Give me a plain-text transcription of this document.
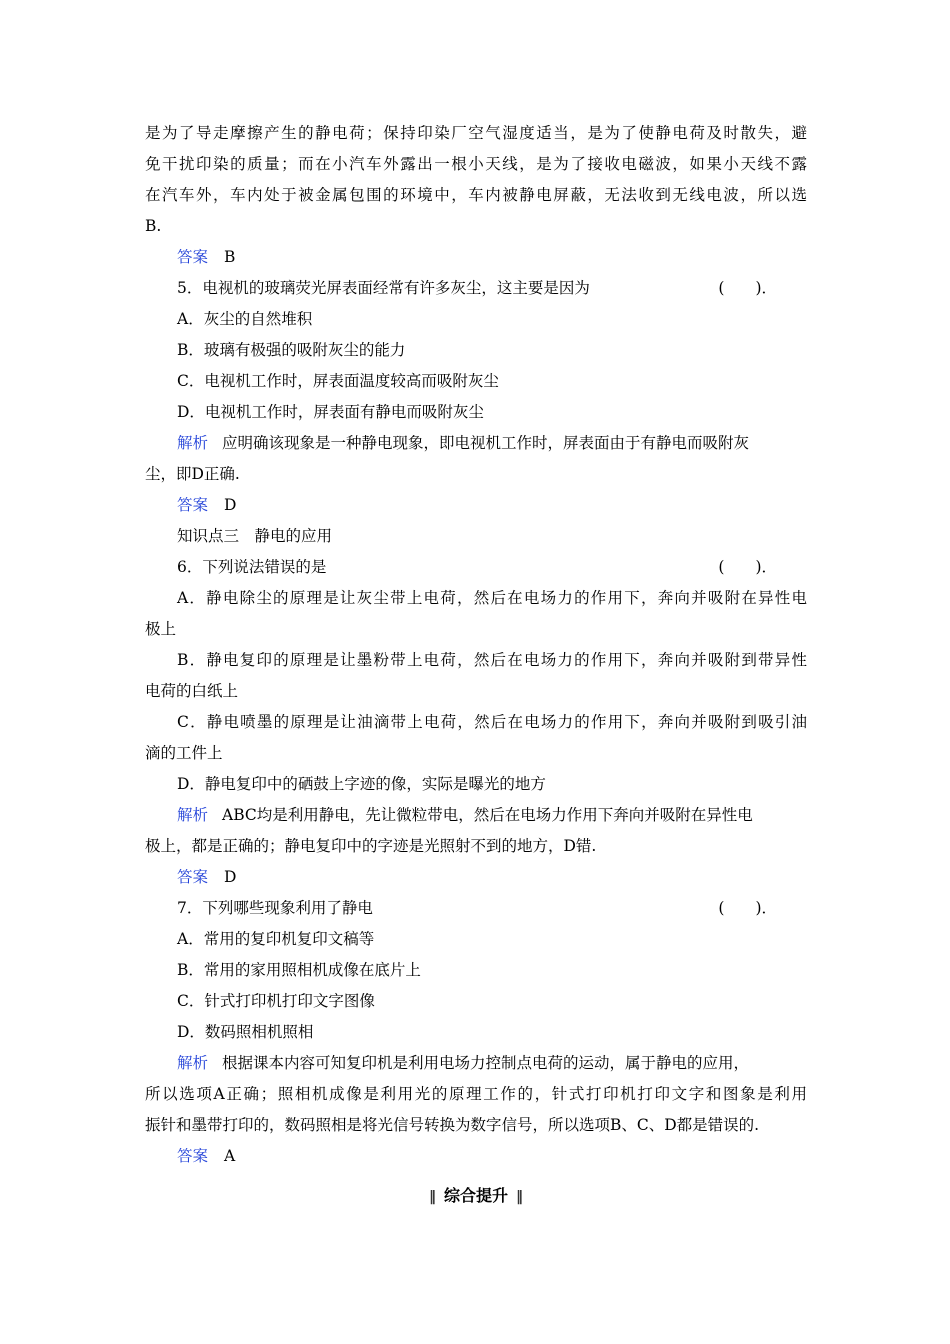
是为了导走摩擦产生的静电荷；保持印染厂空气湿度适当，是为了使静电荷及时散失，避
免干扰印染的质量；而在小汽车外露出一根小天线，是为了接收电磁波，如果小天线不露
在汽车外，车内处于被金属包围的环境中，车内被静电屏蔽，无法收到无线电波，所以选
B.
答案 B
5．电视机的玻璃荧光屏表面经常有许多灰尘，这主要是因为	(　　)．
A．灰尘的自然堆积
B．玻璃有极强的吸附灰尘的能力
C．电视机工作时，屏表面温度较高而吸附灰尘
D．电视机工作时，屏表面有静电而吸附灰尘
解析 应明确该现象是一种静电现象，即电视机工作时，屏表面由于有静电而吸附灰
尘，即D正确.
答案 D
知识点三　静电的应用
6．下列说法错误的是	(　　)．
A．静电除尘的原理是让灰尘带上电荷，然后在电场力的作用下，奔向并吸附在异性电
极上
B．静电复印的原理是让墨粉带上电荷，然后在电场力的作用下，奔向并吸附到带异性
电荷的白纸上
C．静电喷墨的原理是让油滴带上电荷，然后在电场力的作用下，奔向并吸附到吸引油
滴的工件上
D．静电复印中的硒鼓上字迹的像，实际是曝光的地方
解析 ABC均是利用静电，先让微粒带电，然后在电场力作用下奔向并吸附在异性电
极上，都是正确的；静电复印中的字迹是光照射不到的地方，D错.
答案 D
7．下列哪些现象利用了静电	(　　)．
A．常用的复印机复印文稿等
B．常用的家用照相机成像在底片上
C．针式打印机打印文字图像
D．数码照相机照相
解析 根据课本内容可知复印机是利用电场力控制点电荷的运动，属于静电的应用，
所以选项A正确；照相机成像是利用光的原理工作的，针式打印机打印文字和图象是利用
振针和墨带打印的，数码照相是将光信号转换为数字信号，所以选项B、C、D都是错误的.
答案 A
‖ 综合提升 ‖
